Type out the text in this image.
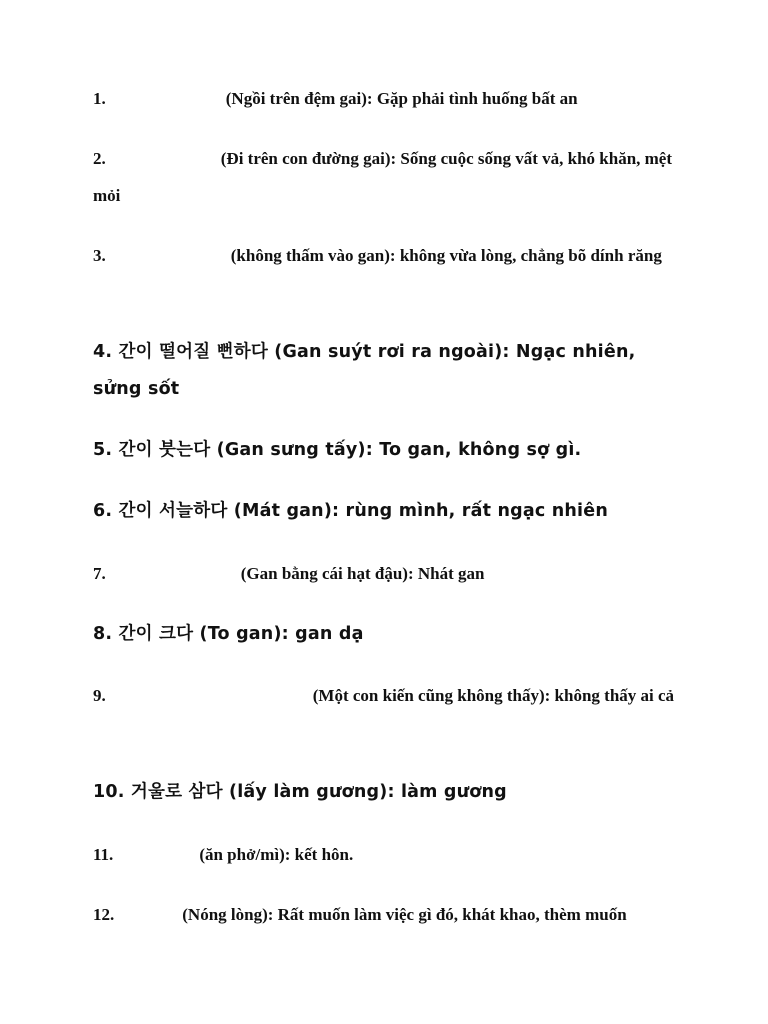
1.	(Ngồi trên đệm gai): Gặp phải tình huống bất an

2.	(Đi trên con đường gai): Sống cuộc sống vất vả, khó khăn, mệt mỏi

3.	(không thấm vào gan): không vừa lòng, chẳng bõ dính răng

4. 간이 떨어질 뻔하다 (Gan suýt rơi ra ngoài): Ngạc nhiên, sửng sốt

5. 간이 붓는다 (Gan sưng tấy): To gan, không sợ gì.

6. 간이 서늘하다 (Mát gan): rùng mình, rất ngạc nhiên

7.	(Gan bằng cái hạt đậu): Nhát gan

8. 간이 크다 (To gan): gan dạ

9.	(Một con kiến cũng không thấy): không thấy ai cả

10. 거울로 삼다 (lấy làm gương): làm gương

11.	(ăn phở/mì): kết hôn.

12.	(Nóng lòng): Rất muốn làm việc gì đó, khát khao, thèm muốn
